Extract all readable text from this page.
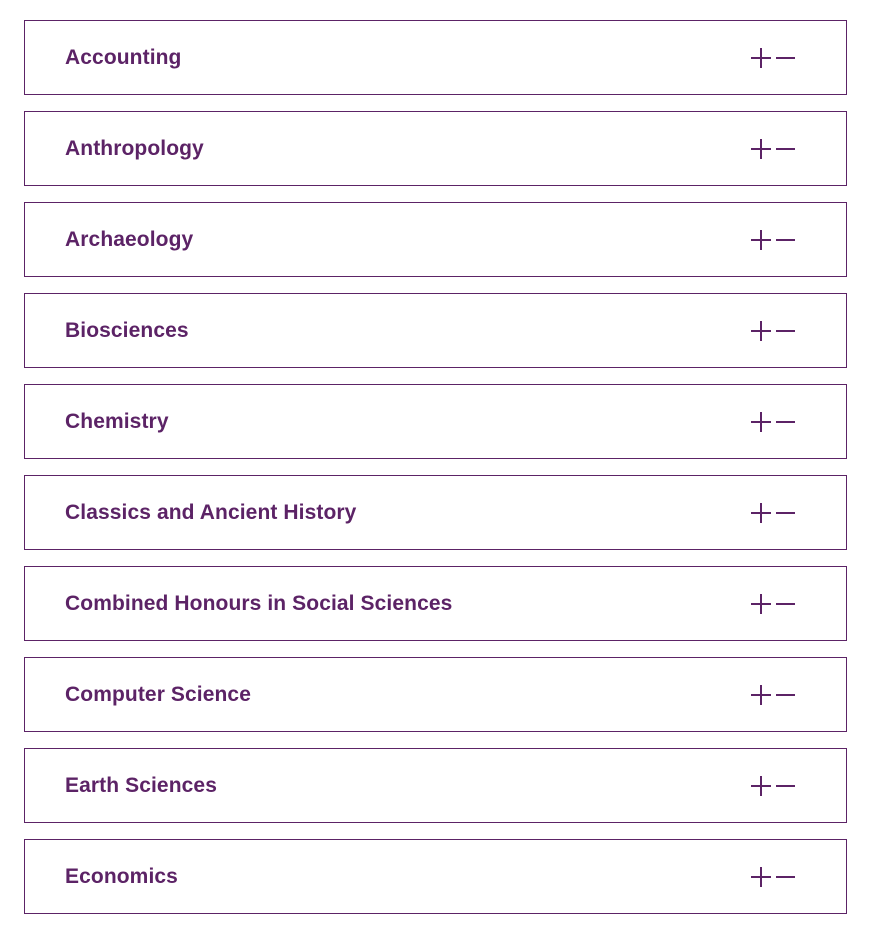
Accounting
Anthropology
Archaeology
Biosciences
Chemistry
Classics and Ancient History
Combined Honours in Social Sciences
Computer Science
Earth Sciences
Economics
